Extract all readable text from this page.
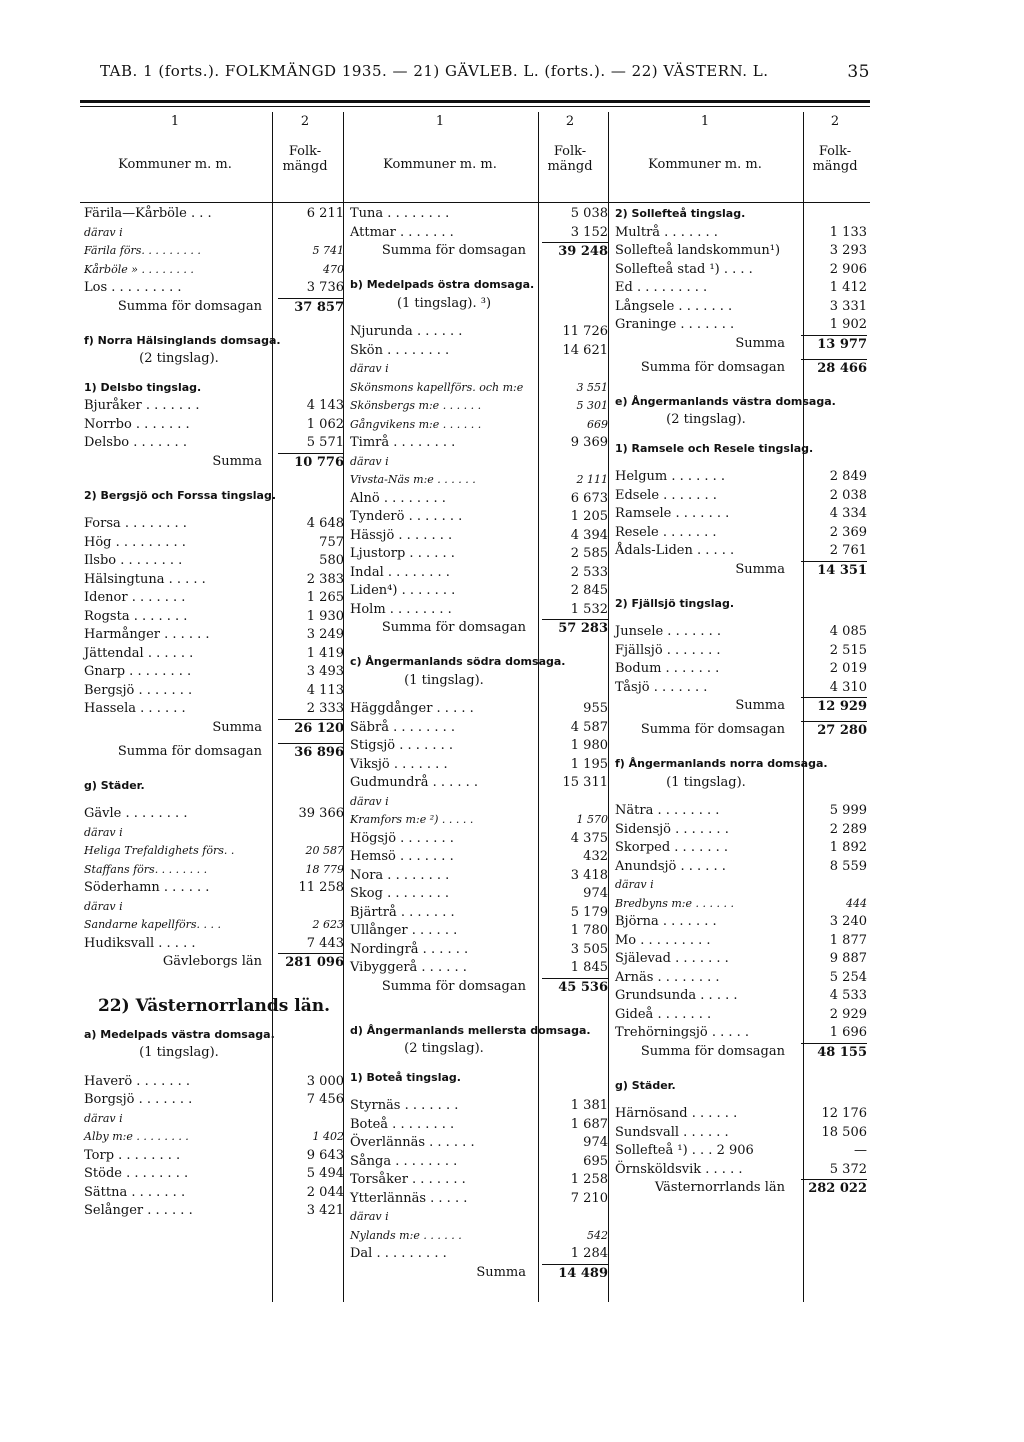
TAB. 1 (forts.). FOLKMÄNGD 1935. — 21) GÄVLEB. L. (forts.). — 22) VÄSTERN. L.	35
1	2
Kommuner m. m.
Folk-mängd
1	2
Kommuner m. m.
Folk-mängd
1	2
Kommuner m. m.
Folk-mängd
Färila—Kårböle . . .	6 211
därav i
Färila förs. . . . . . . . .	5 741
Kårböle » . . . . . . . .	470
Los . . . . . . . . .	3 736
Summa för domsagan	37 857
f) Norra Hälsinglands domsaga.
(2 tingslag).
1) Delsbo tingslag.
Bjuråker . . . . . . .	4 143
Norrbo . . . . . . .	1 062
Delsbo . . . . . . .	5 571
Summa	10 776
2) Bergsjö och Forssa tingslag.
Forsa . . . . . . . .	4 648
Hög . . . . . . . . .	757
Ilsbo . . . . . . . .	580
Hälsingtuna . . . . .	2 383
Idenor . . . . . . .	1 265
Rogsta . . . . . . .	1 930
Harmånger . . . . . .	3 249
Jättendal . . . . . .	1 419
Gnarp . . . . . . . .	3 493
Bergsjö . . . . . . .	4 113
Hassela . . . . . .	2 333
Summa	26 120
Summa för domsagan	36 896
g) Städer.
Gävle . . . . . . . .	39 366
därav i
Heliga Trefaldighets förs. .	20 587
Staffans förs. . . . . . . .	18 779
Söderhamn . . . . . .	11 258
därav i
Sandarne kapellförs. . . .	2 623
Hudiksvall . . . . .	7 443
Gävleborgs län	281 096
22) Västernorrlands län.
a) Medelpads västra domsaga.
(1 tingslag).
Haverö . . . . . . .	3 000
Borgsjö . . . . . . .	7 456
därav i
Alby m:e . . . . . . . .	1 402
Torp . . . . . . . .	9 643
Stöde . . . . . . . .	5 494
Sättna . . . . . . .	2 044
Selånger . . . . . .	3 421
Tuna . . . . . . . .	5 038
Attmar . . . . . . .	3 152
Summa för domsagan	39 248
b) Medelpads östra domsaga.
(1 tingslag). ³)
Njurunda . . . . . .	11 726
Skön . . . . . . . .	14 621
därav i
Skönsmons kapellförs. och m:e	3 551
Skönsbergs m:e . . . . . .	5 301
Gångvikens m:e . . . . . .	669
Timrå . . . . . . . .	9 369
därav i
Vivsta-Näs m:e . . . . . .	2 111
Alnö . . . . . . . .	6 673
Tynderö . . . . . . .	1 205
Hässjö . . . . . . .	4 394
Ljustorp . . . . . .	2 585
Indal . . . . . . . .	2 533
Liden⁴) . . . . . . .	2 845
Holm . . . . . . . .	1 532
Summa för domsagan	57 283
c) Ångermanlands södra domsaga.
(1 tingslag).
Häggdånger . . . . .	955
Säbrå . . . . . . . .	4 587
Stigsjö . . . . . . .	1 980
Viksjö . . . . . . .	1 195
Gudmundrå . . . . . .	15 311
därav i
Kramfors m:e ²) . . . . .	1 570
Högsjö . . . . . . .	4 375
Hemsö . . . . . . .	432
Nora . . . . . . . .	3 418
Skog . . . . . . . .	974
Bjärtrå . . . . . . .	5 179
Ullånger . . . . . .	1 780
Nordingrå . . . . . .	3 505
Vibyggerå . . . . . .	1 845
Summa för domsagan	45 536
d) Ångermanlands mellersta domsaga.
(2 tingslag).
1) Boteå tingslag.
Styrnäs . . . . . . .	1 381
Boteå . . . . . . . .	1 687
Överlännäs . . . . . .	974
Sånga . . . . . . . .	695
Torsåker . . . . . . .	1 258
Ytterlännäs . . . . .	7 210
därav i
Nylands m:e . . . . . .	542
Dal . . . . . . . . .	1 284
Summa	14 489
2) Sollefteå tingslag.
Multrå . . . . . . .	1 133
Sollefteå landskommun¹)	3 293
Sollefteå stad ¹) . . . .	2 906
Ed . . . . . . . . .	1 412
Långsele . . . . . . .	3 331
Graninge . . . . . . .	1 902
Summa	13 977
Summa för domsagan	28 466
e) Ångermanlands västra domsaga.
(2 tingslag).
1) Ramsele och Resele tingslag.
Helgum . . . . . . .	2 849
Edsele . . . . . . .	2 038
Ramsele . . . . . . .	4 334
Resele . . . . . . .	2 369
Ådals-Liden . . . . .	2 761
Summa	14 351
2) Fjällsjö tingslag.
Junsele . . . . . . .	4 085
Fjällsjö . . . . . . .	2 515
Bodum . . . . . . .	2 019
Tåsjö . . . . . . .	4 310
Summa	12 929
Summa för domsagan	27 280
f) Ångermanlands norra domsaga.
(1 tingslag).
Nätra . . . . . . . .	5 999
Sidensjö . . . . . . .	2 289
Skorped . . . . . . .	1 892
Anundsjö . . . . . .	8 559
därav i
Bredbyns m:e . . . . . .	444
Björna . . . . . . .	3 240
Mo . . . . . . . . .	1 877
Själevad . . . . . . .	9 887
Arnäs . . . . . . . .	5 254
Grundsunda . . . . .	4 533
Gideå . . . . . . .	2 929
Trehörningsjö . . . . .	1 696
Summa för domsagan	48 155
g) Städer.
Härnösand . . . . . .	12 176
Sundsvall . . . . . .	18 506
Sollefteå ¹) . . . 2 906	—
Örnsköldsvik . . . . .	5 372
Västernorrlands län	282 022
